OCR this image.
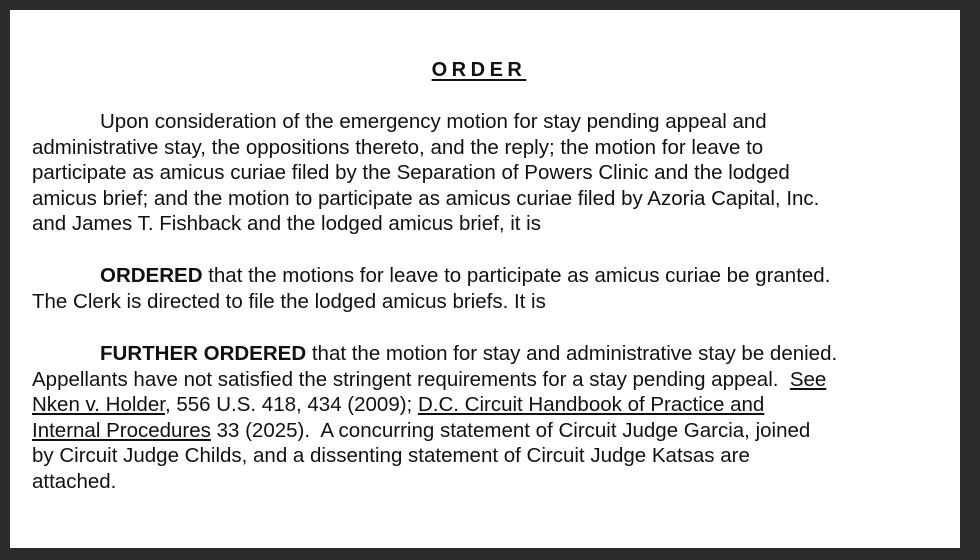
ORDER
Upon consideration of the emergency motion for stay pending appeal and
administrative stay, the oppositions thereto, and the reply; the motion for leave to
participate as amicus curiae filed by the Separation of Powers Clinic and the lodged
amicus brief; and the motion to participate as amicus curiae filed by Azoria Capital, Inc.
and James T. Fishback and the lodged amicus brief, it is
ORDERED that the motions for leave to participate as amicus curiae be granted.
The Clerk is directed to file the lodged amicus briefs. It is
FURTHER ORDERED that the motion for stay and administrative stay be denied.
Appellants have not satisfied the stringent requirements for a stay pending appeal.  See
Nken v. Holder, 556 U.S. 418, 434 (2009); D.C. Circuit Handbook of Practice and
Internal Procedures 33 (2025).  A concurring statement of Circuit Judge Garcia, joined
by Circuit Judge Childs, and a dissenting statement of Circuit Judge Katsas are
attached.
